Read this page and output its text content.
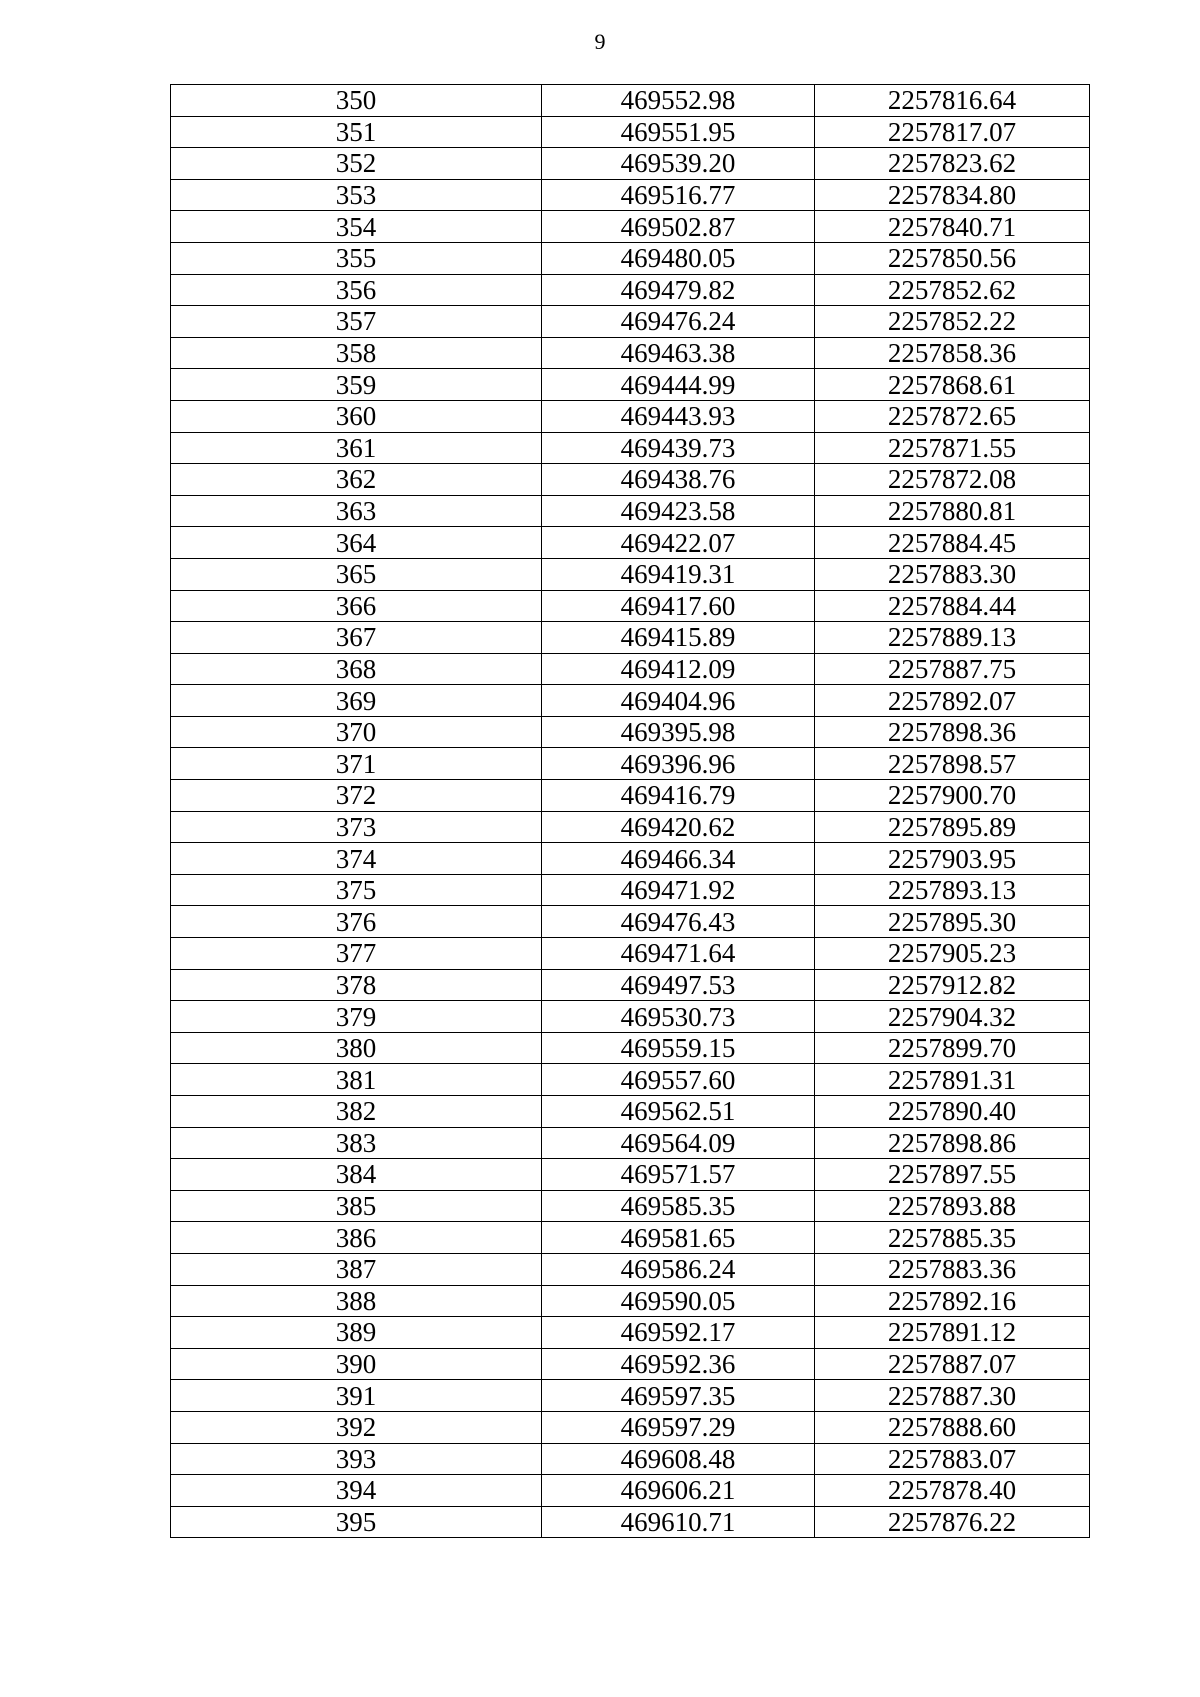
9
350	469552.98	2257816.64
351	469551.95	2257817.07
352	469539.20	2257823.62
353	469516.77	2257834.80
354	469502.87	2257840.71
355	469480.05	2257850.56
356	469479.82	2257852.62
357	469476.24	2257852.22
358	469463.38	2257858.36
359	469444.99	2257868.61
360	469443.93	2257872.65
361	469439.73	2257871.55
362	469438.76	2257872.08
363	469423.58	2257880.81
364	469422.07	2257884.45
365	469419.31	2257883.30
366	469417.60	2257884.44
367	469415.89	2257889.13
368	469412.09	2257887.75
369	469404.96	2257892.07
370	469395.98	2257898.36
371	469396.96	2257898.57
372	469416.79	2257900.70
373	469420.62	2257895.89
374	469466.34	2257903.95
375	469471.92	2257893.13
376	469476.43	2257895.30
377	469471.64	2257905.23
378	469497.53	2257912.82
379	469530.73	2257904.32
380	469559.15	2257899.70
381	469557.60	2257891.31
382	469562.51	2257890.40
383	469564.09	2257898.86
384	469571.57	2257897.55
385	469585.35	2257893.88
386	469581.65	2257885.35
387	469586.24	2257883.36
388	469590.05	2257892.16
389	469592.17	2257891.12
390	469592.36	2257887.07
391	469597.35	2257887.30
392	469597.29	2257888.60
393	469608.48	2257883.07
394	469606.21	2257878.40
395	469610.71	2257876.22
